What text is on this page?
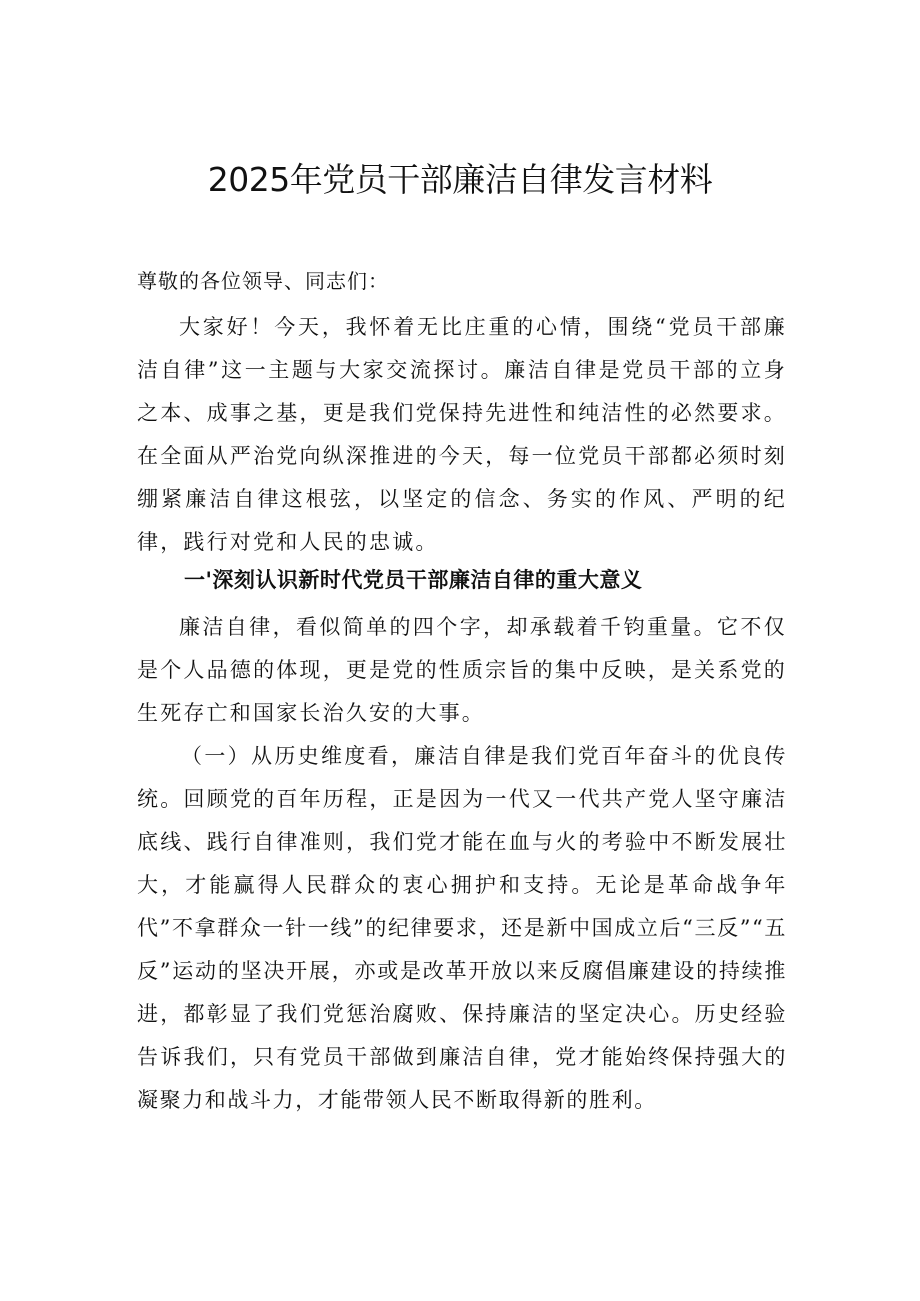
2025年党员干部廉洁自律发言材料

尊敬的各位领导、同志们：

大家好！今天，我怀着无比庄重的心情，围绕“党员干部廉洁自律”这一主题与大家交流探讨。廉洁自律是党员干部的立身之本、成事之基，更是我们党保持先进性和纯洁性的必然要求。在全面从严治党向纵深推进的今天，每一位党员干部都必须时刻绷紧廉洁自律这根弦，以坚定的信念、务实的作风、严明的纪律，践行对党和人民的忠诚。

一'深刻认识新时代党员干部廉洁自律的重大意义

廉洁自律，看似简单的四个字，却承载着千钧重量。它不仅是个人品德的体现，更是党的性质宗旨的集中反映，是关系党的生死存亡和国家长治久安的大事。

（一）从历史维度看，廉洁自律是我们党百年奋斗的优良传统。回顾党的百年历程，正是因为一代又一代共产党人坚守廉洁底线、践行自律准则，我们党才能在血与火的考验中不断发展壮大，才能赢得人民群众的衷心拥护和支持。无论是革命战争年代”不拿群众一针一线”的纪律要求，还是新中国成立后“三反”“五反”运动的坚决开展，亦或是改革开放以来反腐倡廉建设的持续推进，都彰显了我们党惩治腐败、保持廉洁的坚定决心。历史经验告诉我们，只有党员干部做到廉洁自律，党才能始终保持强大的凝聚力和战斗力，才能带领人民不断取得新的胜利。
